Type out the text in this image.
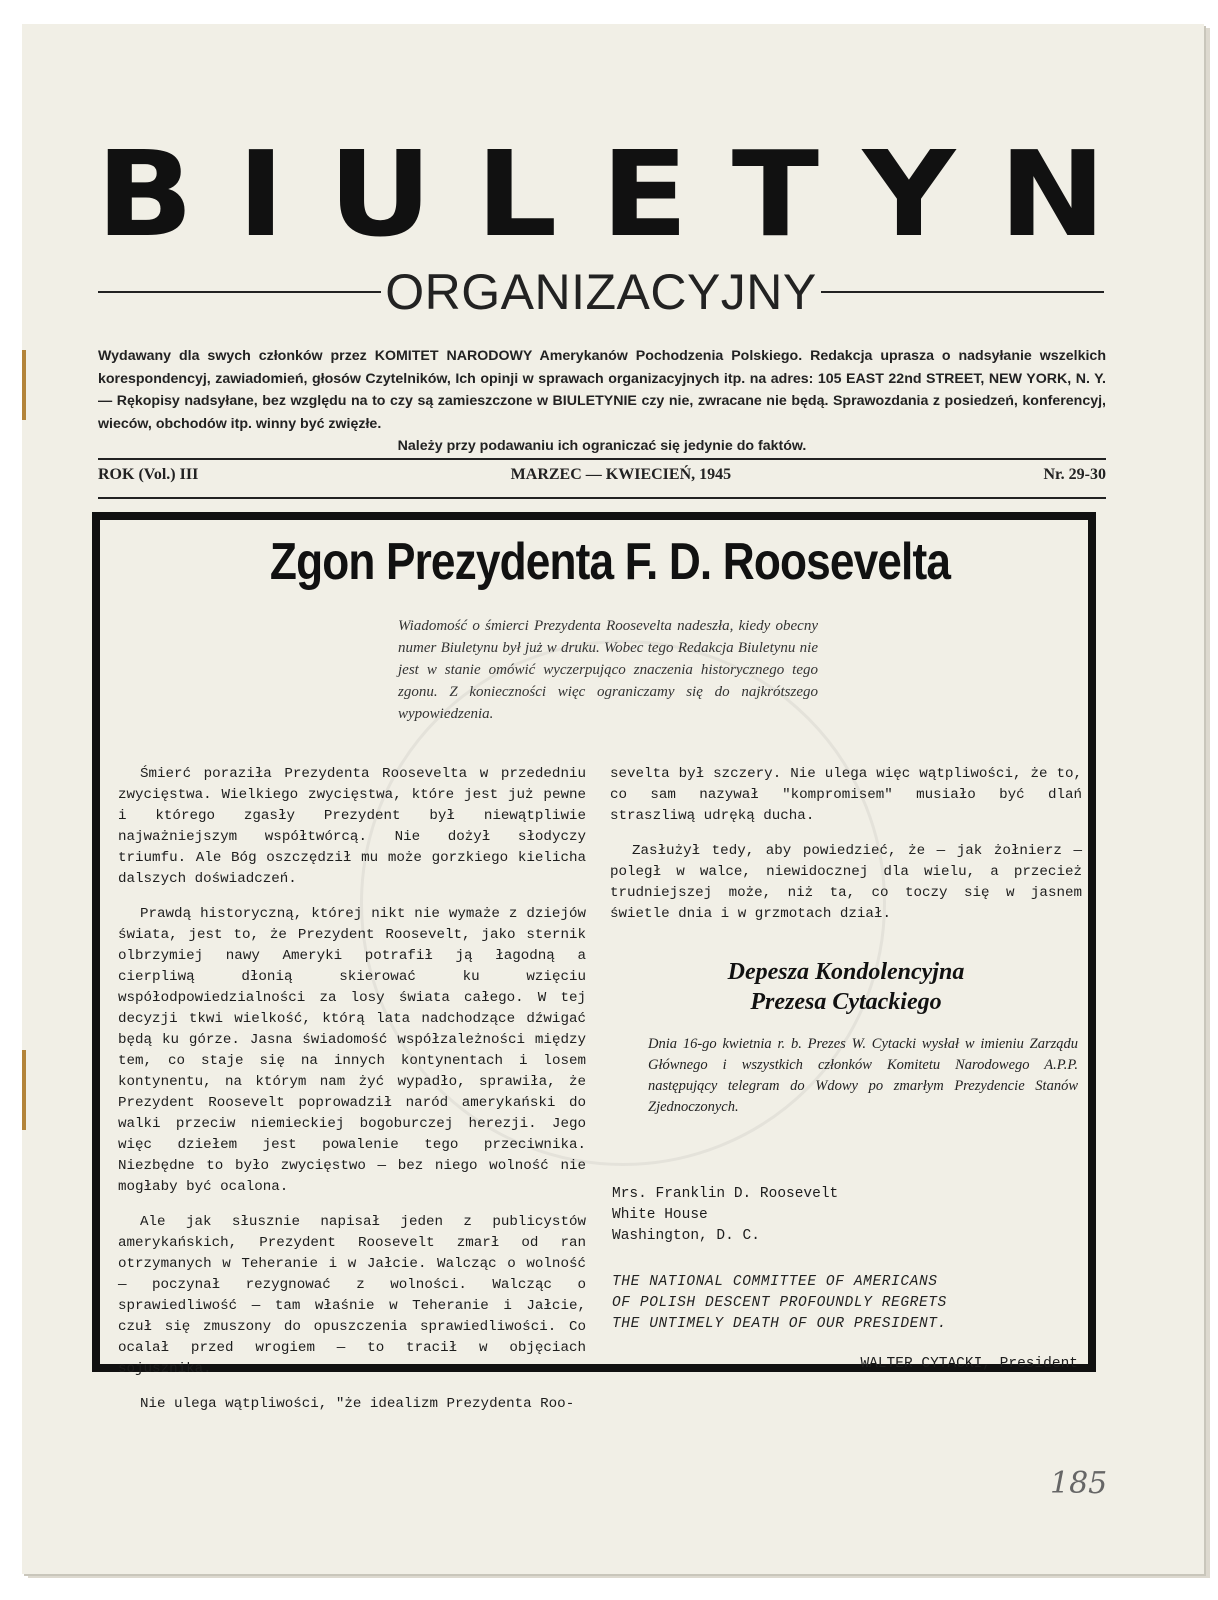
B I U L E T Y N
ORGANIZACYJNY
Wydawany dla swych członków przez KOMITET NARODOWY Amerykanów Pochodzenia Polskiego. Redakcja uprasza o nadsyłanie wszelkich korespondencyj, zawiadomień, głosów Czytelników, Ich opinji w sprawach organizacyjnych itp. na adres: 105 EAST 22nd STREET, NEW YORK, N. Y. — Rękopisy nadsyłane, bez względu na to czy są zamieszczone w BIULETYNIE czy nie, zwracane nie będą. Sprawozdania z posiedzeń, konferencyj, wieców, obchodów itp. winny być zwięzłe.
Należy przy podawaniu ich ograniczać się jedynie do faktów.
ROK (Vol.) III	MARZEC — KWIECIEŃ, 1945	Nr. 29-30
Zgon Prezydenta F. D. Roosevelta
Wiadomość o śmierci Prezydenta Roosevelta nadeszła, kiedy obecny numer Biuletynu był już w druku. Wobec tego Redakcja Biuletynu nie jest w stanie omówić wyczerpująco znaczenia historycznego tego zgonu. Z konieczności więc ograniczamy się do najkrótszego wypowiedzenia.

Śmierć poraziła Prezydenta Roosevelta w przededniu zwycięstwa. Wielkiego zwycięstwa, które jest już pewne i którego zgasły Prezydent był niewątpliwie najważniejszym współtwórcą. Nie dożył słodyczy triumfu. Ale Bóg oszczędził mu może gorzkiego kielicha dalszych doświadczeń.

Prawdą historyczną, której nikt nie wymaże z dziejów świata, jest to, że Prezydent Roosevelt, jako sternik olbrzymiej nawy Ameryki potrafił ją łagodną a cierpliwą dłonią skierować ku wzięciu współodpowiedzialności za losy świata całego. W tej decyzji tkwi wielkość, którą lata nadchodzące dźwigać będą ku górze. Jasna świadomość współzależności między tem, co staje się na innych kontynentach i losem kontynentu, na którym nam żyć wypadło, sprawiła, że Prezydent Roosevelt poprowadził naród amerykański do walki przeciw niemieckiej bogoburczej herezji. Jego więc dziełem jest powalenie tego przeciwnika. Niezbędne to było zwycięstwo — bez niego wolność nie mogłaby być ocalona.

Ale jak słusznie napisał jeden z publicystów amerykańskich, Prezydent Roosevelt zmarł od ran otrzymanych w Teheranie i w Jałcie. Walcząc o wolność — poczynał rezygnować z wolności. Walcząc o sprawiedliwość — tam właśnie w Teheranie i Jałcie, czuł się zmuszony do opuszczenia sprawiedliwości. Co ocalał przed wrogiem — to tracił w objęciach sojusznika.

Nie ulega wątpliwości, "że idealizm Prezydenta Roo-

sevelta był szczery. Nie ulega więc wątpliwości, że to, co sam nazywał "kompromisem" musiało być dlań straszliwą udręką ducha.

Zasłużył tedy, aby powiedzieć, że — jak żołnierz — poległ w walce, niewidocznej dla wielu, a przecież trudniejszej może, niż ta, co toczy się w jasnem świetle dnia i w grzmotach dział.

Depesza Kondolencyjna
Prezesa Cytackiego
Dnia 16-go kwietnia r. b. Prezes W. Cytacki wysłał w imieniu Zarządu Głównego i wszystkich członków Komitetu Narodowego A.P.P. następujący telegram do Wdowy po zmarłym Prezydencie Stanów Zjednoczonych.
Mrs. Franklin D. Roosevelt
White House
Washington, D. C.
THE NATIONAL COMMITTEE OF AMERICANS
OF POLISH DESCENT PROFOUNDLY REGRETS
THE UNTIMELY DEATH OF OUR PRESIDENT.
WALTER CYTACKI, President
185
